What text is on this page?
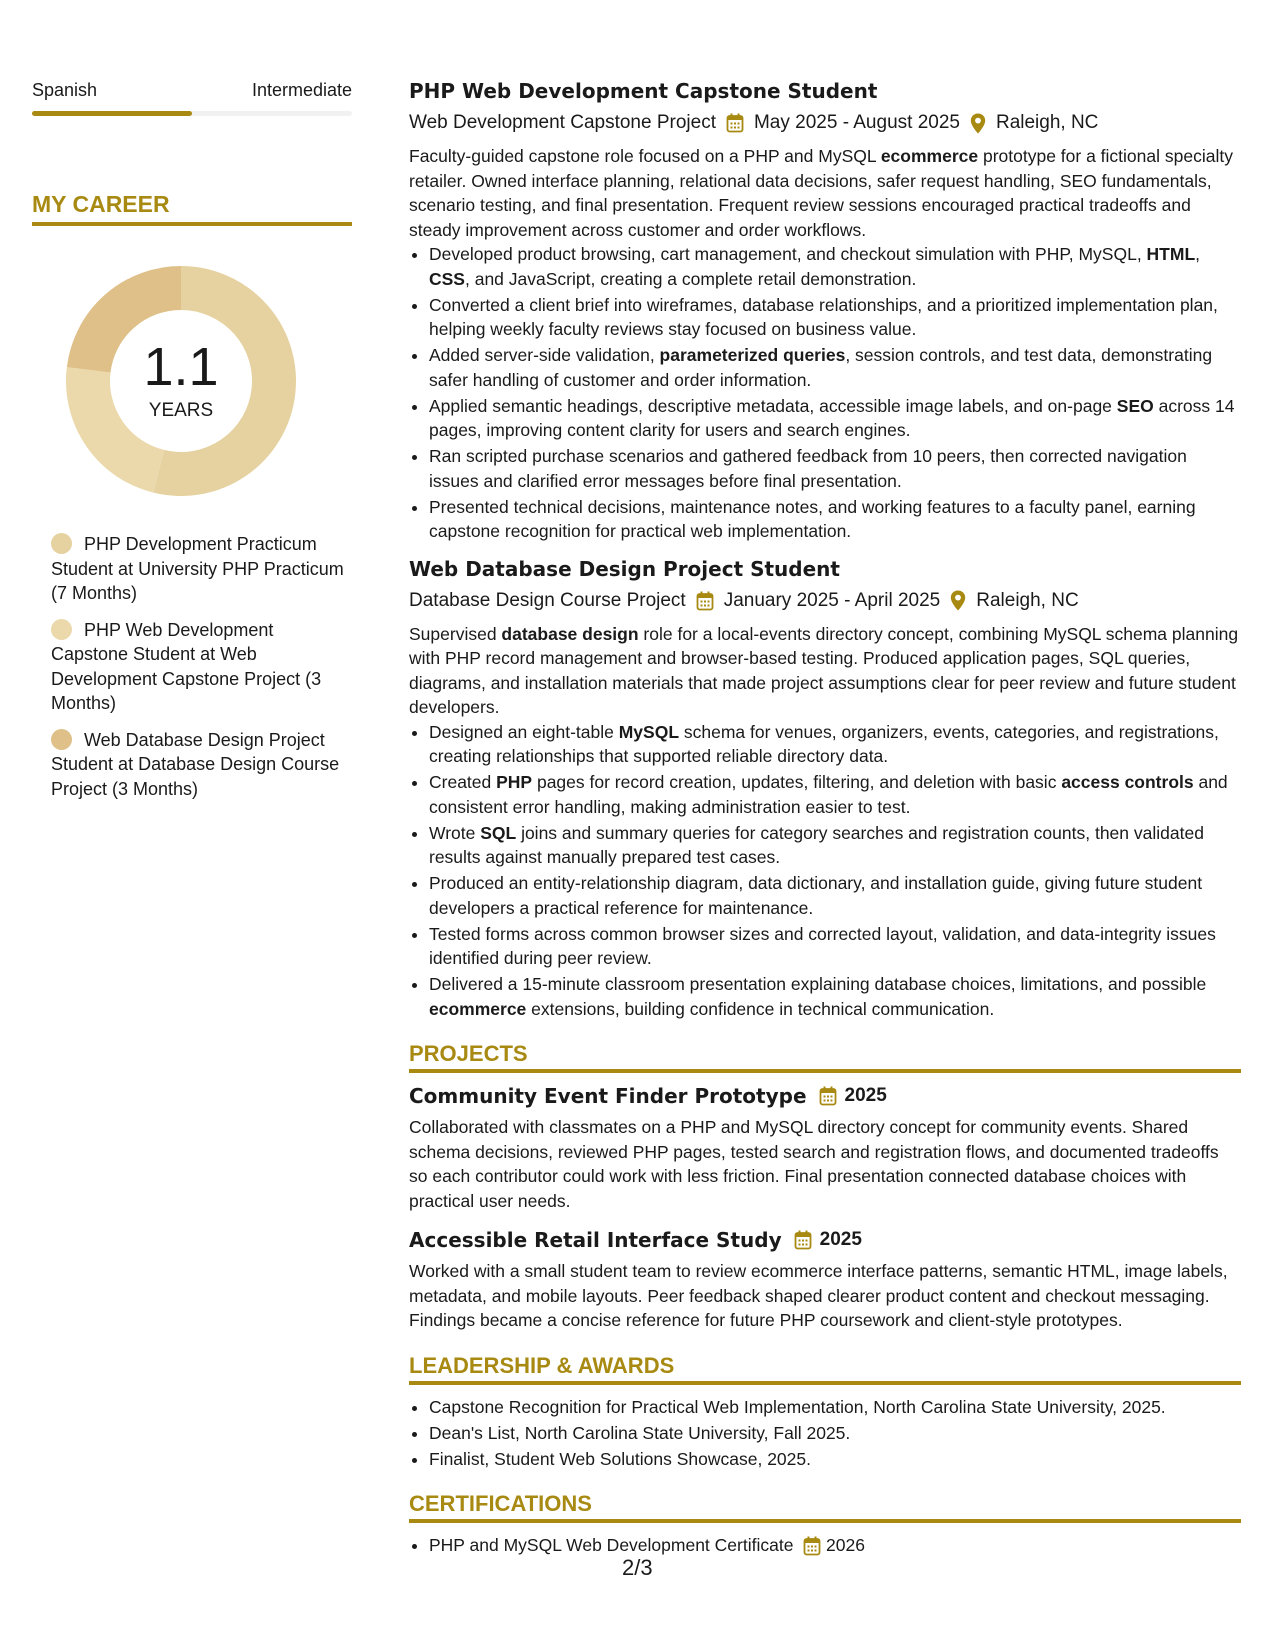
Spanish	Intermediate
MY CAREER
1.1
YEARS
PHP Development Practicum Student at University PHP Practicum (7 Months)
PHP Web Development Capstone Student at Web Development Capstone Project (3 Months)
Web Database Design Project Student at Database Design Course Project (3 Months)
PHP Web Development Capstone Student
Web Development Capstone Project May 2025 - August 2025 Raleigh, NC
Faculty-guided capstone role focused on a PHP and MySQL ecommerce prototype for a fictional specialty retailer. Owned interface planning, relational data decisions, safer request handling, SEO fundamentals, scenario testing, and final presentation. Frequent review sessions encouraged practical tradeoffs and steady improvement across customer and order workflows.
• Developed product browsing, cart management, and checkout simulation with PHP, MySQL, HTML, CSS, and JavaScript, creating a complete retail demonstration.
• Converted a client brief into wireframes, database relationships, and a prioritized implementation plan, helping weekly faculty reviews stay focused on business value.
• Added server-side validation, parameterized queries, session controls, and test data, demonstrating safer handling of customer and order information.
• Applied semantic headings, descriptive metadata, accessible image labels, and on-page SEO across 14 pages, improving content clarity for users and search engines.
• Ran scripted purchase scenarios and gathered feedback from 10 peers, then corrected navigation issues and clarified error messages before final presentation.
• Presented technical decisions, maintenance notes, and working features to a faculty panel, earning capstone recognition for practical web implementation.
Web Database Design Project Student
Database Design Course Project January 2025 - April 2025 Raleigh, NC
Supervised database design role for a local-events directory concept, combining MySQL schema planning with PHP record management and browser-based testing. Produced application pages, SQL queries, diagrams, and installation materials that made project assumptions clear for peer review and future student developers.
• Designed an eight-table MySQL schema for venues, organizers, events, categories, and registrations, creating relationships that supported reliable directory data.
• Created PHP pages for record creation, updates, filtering, and deletion with basic access controls and consistent error handling, making administration easier to test.
• Wrote SQL joins and summary queries for category searches and registration counts, then validated results against manually prepared test cases.
• Produced an entity-relationship diagram, data dictionary, and installation guide, giving future student developers a practical reference for maintenance.
• Tested forms across common browser sizes and corrected layout, validation, and data-integrity issues identified during peer review.
• Delivered a 15-minute classroom presentation explaining database choices, limitations, and possible ecommerce extensions, building confidence in technical communication.
PROJECTS
Community Event Finder Prototype 2025
Collaborated with classmates on a PHP and MySQL directory concept for community events. Shared schema decisions, reviewed PHP pages, tested search and registration flows, and documented tradeoffs so each contributor could work with less friction. Final presentation connected database choices with practical user needs.
Accessible Retail Interface Study 2025
Worked with a small student team to review ecommerce interface patterns, semantic HTML, image labels, metadata, and mobile layouts. Peer feedback shaped clearer product content and checkout messaging. Findings became a concise reference for future PHP coursework and client-style prototypes.
LEADERSHIP & AWARDS
• Capstone Recognition for Practical Web Implementation, North Carolina State University, 2025.
• Dean's List, North Carolina State University, Fall 2025.
• Finalist, Student Web Solutions Showcase, 2025.
CERTIFICATIONS
• PHP and MySQL Web Development Certificate 2026
2/3
